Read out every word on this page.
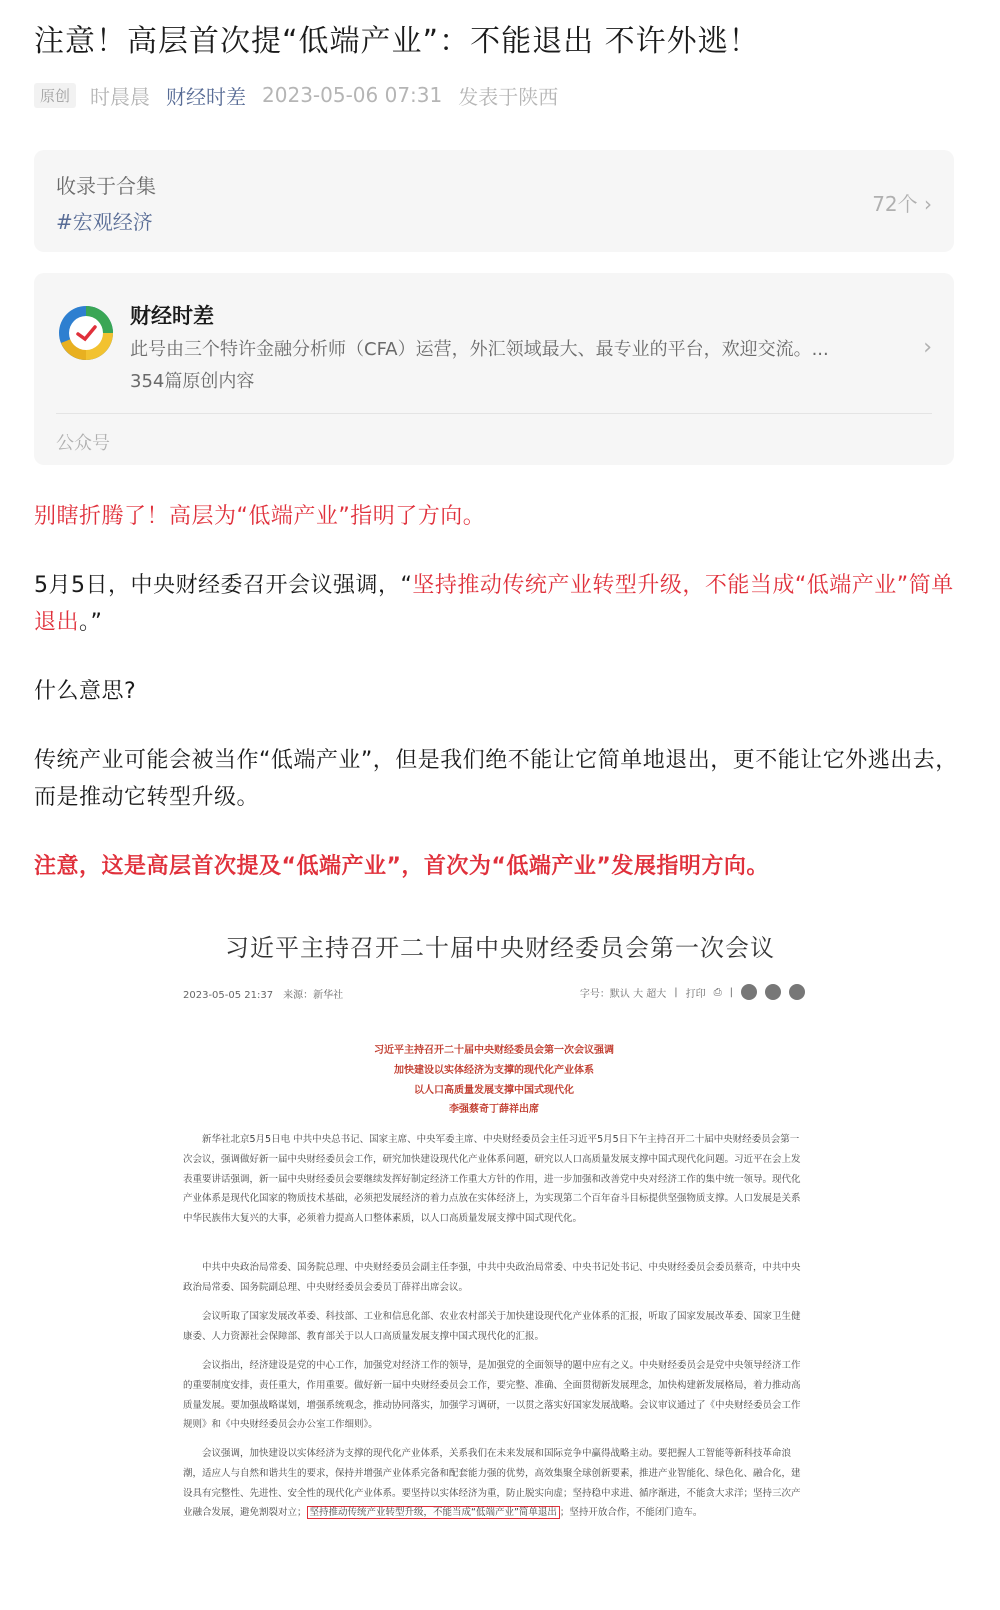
注意！高层首次提“低端产业”：不能退出 不许外逃！
原创	时晨晨 财经时差 2023-05-06 07:31 发表于陕西
收录于合集
#宏观经济
72个 ›
财经时差
此号由三个特许金融分析师（CFA）运营，外汇领域最大、最专业的平台，欢迎交流。...
354篇原创内容
›
公众号
别瞎折腾了！高层为“低端产业”指明了方向。
5月5日，中央财经委召开会议强调，“坚持推动传统产业转型升级，不能当成“低端产业”简单退出。”
什么意思?
传统产业可能会被当作“低端产业”，但是我们绝不能让它简单地退出，更不能让它外逃出去，而是推动它转型升级。
注意，这是高层首次提及“低端产业”，首次为“低端产业”发展指明方向。
习近平主持召开二十届中央财经委员会第一次会议
2023-05-05 21:37　来源：新华社	字号：默认 大 超大 | 打印 ⎙ |
习近平主持召开二十届中央财经委员会第一次会议强调
加快建设以实体经济为支撑的现代化产业体系
以人口高质量发展支撑中国式现代化
李强蔡奇丁薛祥出席
新华社北京5月5日电 中共中央总书记、国家主席、中央军委主席、中央财经委员会主任习近平5月5日下午主持召开二十届中央财经委员会第一次会议，强调做好新一届中央财经委员会工作，研究加快建设现代化产业体系问题，研究以人口高质量发展支撑中国式现代化问题。习近平在会上发表重要讲话强调，新一届中央财经委员会要继续发挥好制定经济工作重大方针的作用，进一步加强和改善党中央对经济工作的集中统一领导。现代化产业体系是现代化国家的物质技术基础，必须把发展经济的着力点放在实体经济上，为实现第二个百年奋斗目标提供坚强物质支撑。人口发展是关系中华民族伟大复兴的大事，必须着力提高人口整体素质，以人口高质量发展支撑中国式现代化。
中共中央政治局常委、国务院总理、中央财经委员会副主任李强，中共中央政治局常委、中央书记处书记、中央财经委员会委员蔡奇，中共中央政治局常委、国务院副总理、中央财经委员会委员丁薛祥出席会议。
会议听取了国家发展改革委、科技部、工业和信息化部、农业农村部关于加快建设现代化产业体系的汇报，听取了国家发展改革委、国家卫生健康委、人力资源社会保障部、教育部关于以人口高质量发展支撑中国式现代化的汇报。
会议指出，经济建设是党的中心工作，加强党对经济工作的领导，是加强党的全面领导的题中应有之义。中央财经委员会是党中央领导经济工作的重要制度安排，责任重大，作用重要。做好新一届中央财经委员会工作，要完整、准确、全面贯彻新发展理念，加快构建新发展格局，着力推动高质量发展。要加强战略谋划，增强系统观念，推动协同落实，加强学习调研，一以贯之落实好国家发展战略。会议审议通过了《中央财经委员会工作规则》和《中央财经委员会办公室工作细则》。
会议强调，加快建设以实体经济为支撑的现代化产业体系，关系我们在未来发展和国际竞争中赢得战略主动。要把握人工智能等新科技革命浪潮，适应人与自然和谐共生的要求，保持并增强产业体系完备和配套能力强的优势，高效集聚全球创新要素，推进产业智能化、绿色化、融合化，建设具有完整性、先进性、安全性的现代化产业体系。要坚持以实体经济为重，防止脱实向虚；坚持稳中求进、循序渐进，不能贪大求洋；坚持三次产业融合发展，避免割裂对立； 坚持推动传统产业转型升级，不能当成“低端产业”简单退出 ；坚持开放合作，不能闭门造车。
